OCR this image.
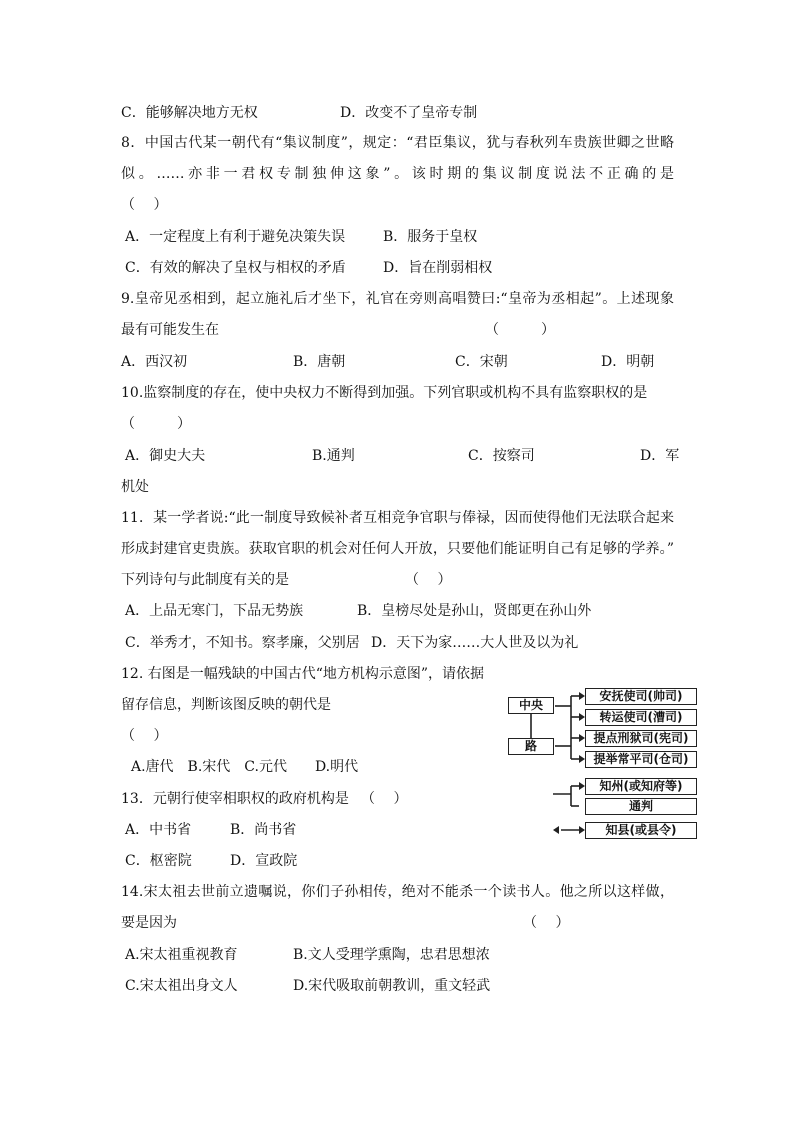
C．能够解决地方无权	D．改变不了皇帝专制
8．中国古代某一朝代有“集议制度”，规定：“君臣集议，犹与春秋列车贵族世卿之世略
似。……亦非一君权专制独伸这象”。该时期的集议制度说法不正确的是
（　 ）
A．一定程度上有利于避免决策失误	B．服务于皇权
C．有效的解决了皇权与相权的矛盾	D．旨在削弱相权
9.皇帝见丞相到，起立施礼后才坐下，礼官在旁则高唱赞曰:“皇帝为丞相起”。上述现象
最有可能发生在	（　　　）
A．西汉初	B．唐朝	C．宋朝	D．明朝
10.监察制度的存在，使中央权力不断得到加强。下列官职或机构不具有监察职权的是
（　　　）
A．御史大夫	B.通判	C．按察司	D．军
机处
11．某一学者说:“此一制度导致候补者互相竞争官职与俸禄，因而使得他们无法联合起来
形成封建官吏贵族。获取官职的机会对任何人开放，只要他们能证明自己有足够的学养。”
下列诗句与此制度有关的是	（　 ）
A．上品无寒门，下品无势族	B．皇榜尽处是孙山，贤郎更在孙山外
C．举秀才，不知书。察孝廉，父别居 D．天下为家……大人世及以为礼
12. 右图是一幅残缺的中国古代“地方机构示意图”，请依据
留存信息，判断该图反映的朝代是
（　 ）
A.唐代　B.宋代　C.元代　　D.明代
中央
路
安抚使司(帅司)
转运使司(漕司)
提点刑狱司(宪司)
提举常平司(仓司)
知州(或知府等)
通判
知县(或县令)
13．元朝行使宰相职权的政府机构是 （　 ）
A．中书省	B．尚书省
C．枢密院	D．宣政院
14.宋太祖去世前立遗嘱说，你们子孙相传，绝对不能杀一个读书人。他之所以这样做，
要是因为	（　 ）
A.宋太祖重视教育	B.文人受理学熏陶，忠君思想浓
C.宋太祖出身文人	D.宋代吸取前朝教训，重文轻武
